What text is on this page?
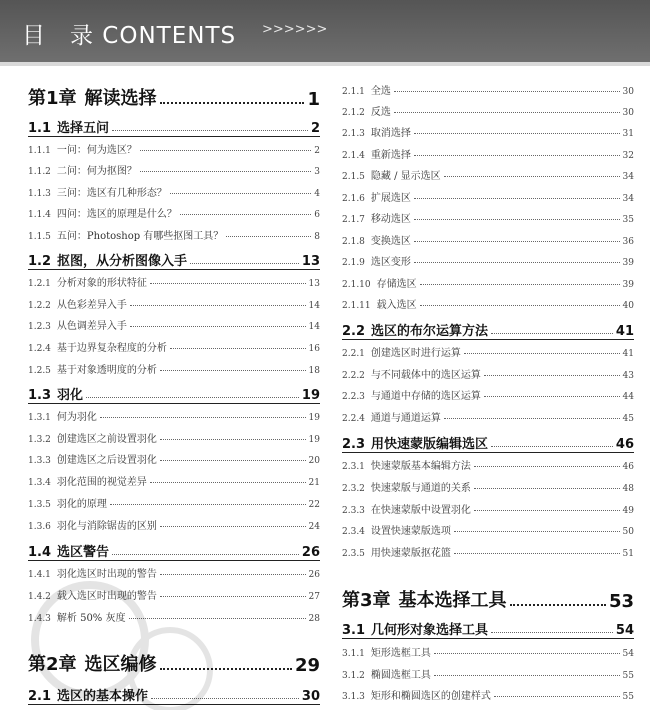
目　录 CONTENTS >>>>>>
第1章 解读选择	1
1.1 选择五问	2
1.1.1 一问：何为选区？	2
1.1.2 二问：何为抠图？	3
1.1.3 三问：选区有几种形态？	4
1.1.4 四问：选区的原理是什么？	6
1.1.5 五问：Photoshop 有哪些抠图工具？	8
1.2 抠图，从分析图像入手	13
1.2.1 分析对象的形状特征	13
1.2.2 从色彩差异入手	14
1.2.3 从色调差异入手	14
1.2.4 基于边界复杂程度的分析	16
1.2.5 基于对象透明度的分析	18
1.3 羽化	19
1.3.1 何为羽化	19
1.3.2 创建选区之前设置羽化	19
1.3.3 创建选区之后设置羽化	20
1.3.4 羽化范围的视觉差异	21
1.3.5 羽化的原理	22
1.3.6 羽化与消除锯齿的区别	24
1.4 选区警告	26
1.4.1 羽化选区时出现的警告	26
1.4.2 载入选区时出现的警告	27
1.4.3 解析 50% 灰度	28
第2章 选区编修	29
2.1 选区的基本操作	30
2.1.1 全选	30
2.1.2 反选	30
2.1.3 取消选择	31
2.1.4 重新选择	32
2.1.5 隐藏 / 显示选区	34
2.1.6 扩展选区	34
2.1.7 移动选区	35
2.1.8 变换选区	36
2.1.9 选区变形	39
2.1.10 存储选区	39
2.1.11 载入选区	40
2.2 选区的布尔运算方法	41
2.2.1 创建选区时进行运算	41
2.2.2 与不同载体中的选区运算	43
2.2.3 与通道中存储的选区运算	44
2.2.4 通道与通道运算	45
2.3 用快速蒙版编辑选区	46
2.3.1 快速蒙版基本编辑方法	46
2.3.2 快速蒙版与通道的关系	48
2.3.3 在快速蒙版中设置羽化	49
2.3.4 设置快速蒙版选项	50
2.3.5 用快速蒙版抠花篮	51
第3章 基本选择工具	53
3.1 几何形对象选择工具	54
3.1.1 矩形选框工具	54
3.1.2 椭圆选框工具	55
3.1.3 矩形和椭圆选区的创建样式	55
